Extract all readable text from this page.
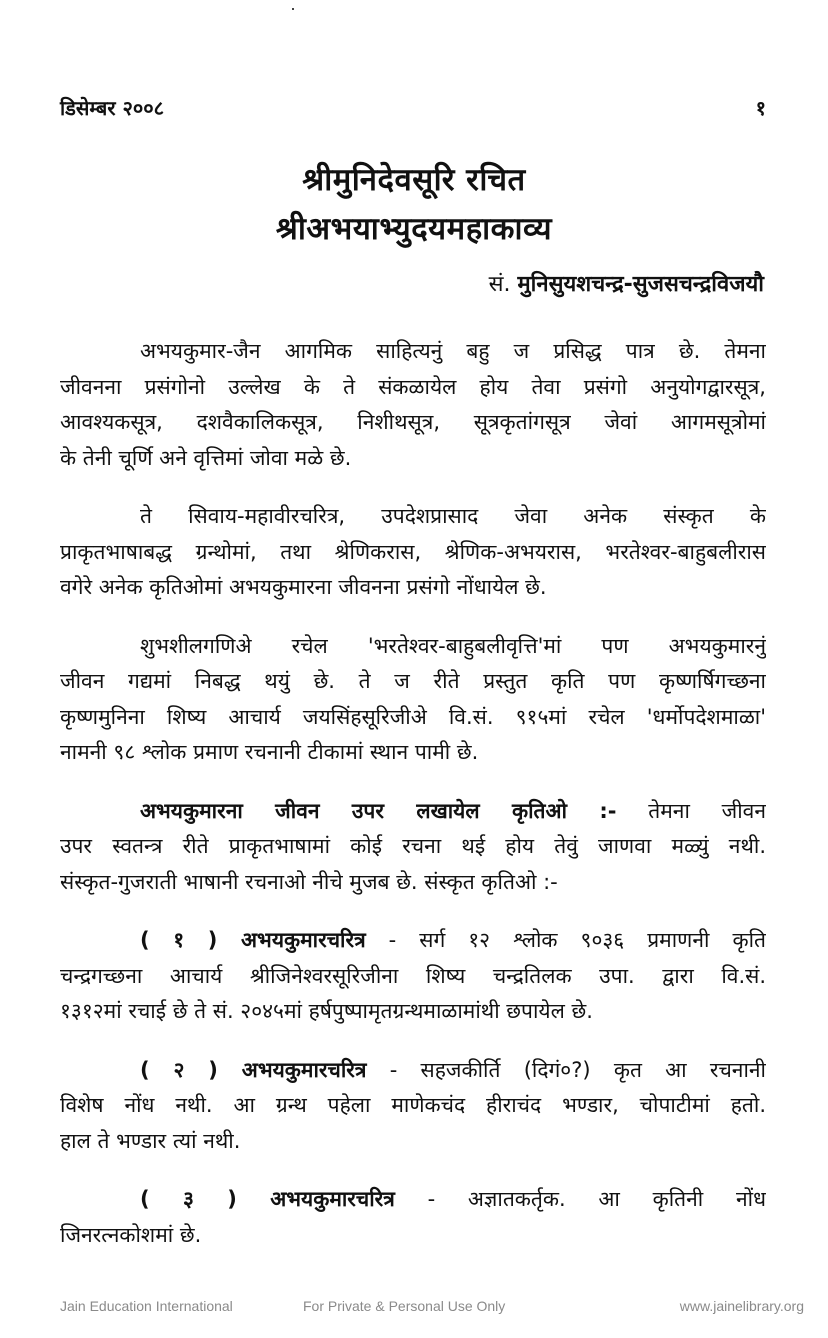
डिसेम्बर २००८	१
श्रीमुनिदेवसूरि रचित
श्रीअभयाभ्युदयमहाकाव्य
सं. मुनिसुयशचन्द्र-सुजसचन्द्रविजयौ
अभयकुमार-जैन आगमिक साहित्यनुं बहु ज प्रसिद्ध पात्र छे. तेमना
जीवनना प्रसंगोनो उल्लेख के ते संकळायेल होय तेवा प्रसंगो अनुयोगद्वारसूत्र,
आवश्यकसूत्र, दशवैकालिकसूत्र, निशीथसूत्र, सूत्रकृतांगसूत्र जेवां आगमसूत्रोमां
के तेनी चूर्णि अने वृत्तिमां जोवा मळे छे.
ते सिवाय-महावीरचरित्र, उपदेशप्रासाद जेवा अनेक संस्कृत के
प्राकृतभाषाबद्ध ग्रन्थोमां, तथा श्रेणिकरास, श्रेणिक-अभयरास, भरतेश्वर-बाहुबलीरास
वगेरे अनेक कृतिओमां अभयकुमारना जीवनना प्रसंगो नोंधायेल छे.
शुभशीलगणिअे रचेल 'भरतेश्वर-बाहुबलीवृत्ति'मां पण अभयकुमारनुं
जीवन गद्यमां निबद्ध थयुं छे. ते ज रीते प्रस्तुत कृति पण कृष्णर्षिगच्छना
कृष्णमुनिना शिष्य आचार्य जयसिंहसूरिजीअे वि.सं. ९१५मां रचेल 'धर्मोपदेशमाळा'
नामनी ९८ श्लोक प्रमाण रचनानी टीकामां स्थान पामी छे.
अभयकुमारना जीवन उपर लखायेल कृतिओ :- तेमना जीवन
उपर स्वतन्त्र रीते प्राकृतभाषामां कोई रचना थई होय तेवुं जाणवा मळ्युं नथी.
संस्कृत-गुजराती भाषानी रचनाओ नीचे मुजब छे. संस्कृत कृतिओ :-
( १ ) अभयकुमारचरित्र - सर्ग १२ श्लोक ९०३६ प्रमाणनी कृति
चन्द्रगच्छना आचार्य श्रीजिनेश्वरसूरिजीना शिष्य चन्द्रतिलक उपा. द्वारा वि.सं.
१३१२मां रचाई छे ते सं. २०४५मां हर्षपुष्पामृतग्रन्थमाळामांथी छपायेल छे.
( २ ) अभयकुमारचरित्र - सहजकीर्ति (दिगं०?) कृत आ रचनानी
विशेष नोंध नथी. आ ग्रन्थ पहेला माणेकचंद हीराचंद भण्डार, चोपाटीमां हतो.
हाल ते भण्डार त्यां नथी.
( ३ ) अभयकुमारचरित्र - अज्ञातकर्तृक. आ कृतिनी नोंध
जिनरत्नकोशमां छे.
Jain Education International	For Private & Personal Use Only	www.jainelibrary.org
